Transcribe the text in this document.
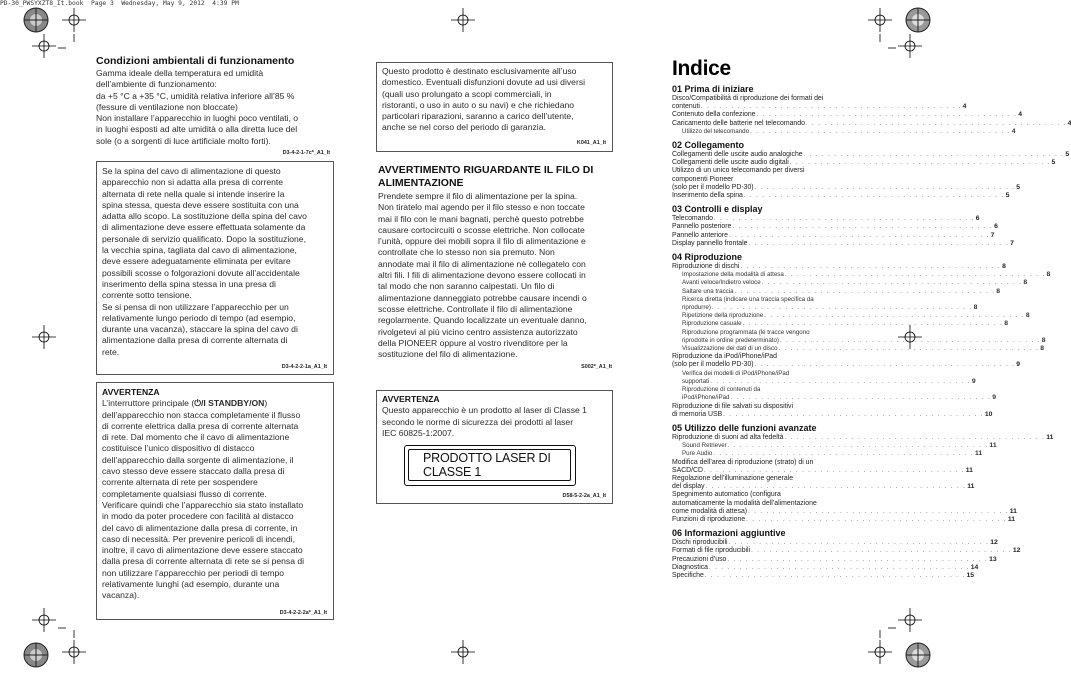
PD-30_PWSYXZT8_It.book  Page 3  Wednesday, May 9, 2012  4:39 PM
Condizioni ambientali di funzionamento
Gamma ideale della temperatura ed umidità
dell’ambiente di funzionamento:
da +5 °C a +35 °C, umidità relativa inferiore all’85 %
(fessure di ventilazione non bloccate)
Non installare l’apparecchio in luoghi poco ventilati, o
in luoghi esposti ad alte umidità o alla diretta luce del
sole (o a sorgenti di luce artificiale molto forti).
D3-4-2-1-7c*_A1_It
Se la spina del cavo di alimentazione di questo
apparecchio non si adatta alla presa di corrente
alternata di rete nella quale si intende inserire la
spina stessa, questa deve essere sostituita con una
adatta allo scopo. La sostituzione della spina del cavo
di alimentazione deve essere effettuata solamente da
personale di servizio qualificato. Dopo la sostituzione,
la vecchia spina, tagliata dal cavo di alimentazione,
deve essere adeguatamente eliminata per evitare
possibili scosse o folgorazioni dovute all’accidentale
inserimento della spina stessa in una presa di
corrente sotto tensione.
Se si pensa di non utilizzare l’apparecchio per un
relativamente lungo periodo di tempo (ad esempio,
durante una vacanza), staccare la spina del cavo di
alimentazione dalla presa di corrente alternata di
rete.
D3-4-2-2-1a_A1_It
AVVERTENZA
L’interruttore principale (⏻/I STANDBY/ON)
dell’apparecchio non stacca completamente il flusso
di corrente elettrica dalla presa di corrente alternata
di rete. Dal momento che il cavo di alimentazione
costituisce l’unico dispositivo di distacco
dell’apparecchio dalla sorgente di alimentazione, il
cavo stesso deve essere staccato dalla presa di
corrente alternata di rete per sospendere
completamente qualsiasi flusso di corrente.
Verificare quindi che l’apparecchio sia stato installato
in modo da poter procedere con facilità al distacco
del cavo di alimentazione dalla presa di corrente, in
caso di necessità. Per prevenire pericoli di incendi,
inoltre, il cavo di alimentazione deve essere staccato
dalla presa di corrente alternata di rete se si pensa di
non utilizzare l’apparecchio per periodi di tempo
relativamente lunghi (ad esempio, durante una
vacanza).
D3-4-2-2-2a*_A1_It
Questo prodotto è destinato esclusivamente all’uso
domestico. Eventuali disfunzioni dovute ad usi diversi
(quali uso prolungato a scopi commerciali, in
ristoranti, o uso in auto o su navi) e che richiedano
particolari riparazioni, saranno a carico dell’utente,
anche se nel corso del periodo di garanzia.
K041_A1_It
AVVERTIMENTO RIGUARDANTE IL FILO DI
ALIMENTAZIONE
Prendete sempre il filo di alimentazione per la spina.
Non tiratelo mai agendo per il filo stesso e non toccate
mai il filo con le mani bagnati, perchè questo potrebbe
causare cortocircuiti o scosse elettriche. Non collocate
l’unità, oppure dei mobili sopra il filo di alimentazione e
controllate che lo stesso non sia premuto. Non
annodate mai il filo di alimentazione nè collegatelo con
altri fili. I fili di alimentazione devono essere collocati in
tal modo che non saranno calpestati. Un filo di
alimentazione danneggiato potrebbe causare incendi o
scosse elettriche. Controllate il filo di alimentazione
regolarmente. Quando localizzate un eventuale danno,
rivolgetevi al più vicino centro assistenza autorizzato
della PIONEER oppure al vostro rivenditore per la
sostituzione del filo di alimentazione.
S002*_A1_It
AVVERTENZA
Questo apparecchio è un prodotto al laser di Classe 1
secondo le norme di sicurezza dei prodotti al laser
IEC 60825-1:2007.
PRODOTTO LASER DI CLASSE 1
D58-5-2-2a_A1_It
Indice
01 Prima di iniziare
Disco/Compatibilità di riproduzione dei formati dei
contenuti . . . . . . . . . . . . . . . . . . . . . . . . . . . . . . . . . . . . . . . . . . . 4
Contenuto della confezione . . . . . . . . . . . . . . . . . . . . . . . . . . . . . . . . . . . . . . . . . . . 4
Caricamento delle batterie nel telecomando . . . . . . . . . . . . . . . . . . . . . . . . . . . . . . . . . . . . . . . . . . . 4
Utilizzo del telecomando . . . . . . . . . . . . . . . . . . . . . . . . . . . . . . . . . . . . . . . . . . . 4
02 Collegamento
Collegamenti delle uscite audio analogiche . . . . . . . . . . . . . . . . . . . . . . . . . . . . . . . . . . . . . . . . . . . 5
Collegamenti delle uscite audio digitali . . . . . . . . . . . . . . . . . . . . . . . . . . . . . . . . . . . . . . . . . . . 5
Utilizzo di un unico telecomando per diversi
componenti Pioneer
(solo per il modello PD-30) . . . . . . . . . . . . . . . . . . . . . . . . . . . . . . . . . . . . . . . . . . . 5
Inserimento della spina . . . . . . . . . . . . . . . . . . . . . . . . . . . . . . . . . . . . . . . . . . . 5
03 Controlli e display
Telecomando . . . . . . . . . . . . . . . . . . . . . . . . . . . . . . . . . . . . . . . . . . . 6
Pannello posteriore . . . . . . . . . . . . . . . . . . . . . . . . . . . . . . . . . . . . . . . . . . . 6
Pannello anteriore . . . . . . . . . . . . . . . . . . . . . . . . . . . . . . . . . . . . . . . . . . . 7
Display pannello frontale . . . . . . . . . . . . . . . . . . . . . . . . . . . . . . . . . . . . . . . . . . . 7
04 Riproduzione
Riproduzione di dischi . . . . . . . . . . . . . . . . . . . . . . . . . . . . . . . . . . . . . . . . . . . 8
Impostazione della modalità di attesa . . . . . . . . . . . . . . . . . . . . . . . . . . . . . . . . . . . . . . . . . . . 8
Avanti veloce/Indietro veloce . . . . . . . . . . . . . . . . . . . . . . . . . . . . . . . . . . . . . . . . . . . 8
Saltare una traccia . . . . . . . . . . . . . . . . . . . . . . . . . . . . . . . . . . . . . . . . . . . 8
Ricerca diretta (indicare una traccia specifica da
riprodurre) . . . . . . . . . . . . . . . . . . . . . . . . . . . . . . . . . . . . . . . . . . . 8
Ripetizione della riproduzione . . . . . . . . . . . . . . . . . . . . . . . . . . . . . . . . . . . . . . . . . . . 8
Riproduzione casuale . . . . . . . . . . . . . . . . . . . . . . . . . . . . . . . . . . . . . . . . . . . 8
Riproduzione programmata (le tracce vengono
riprodotte in ordine predeterminato) . . . . . . . . . . . . . . . . . . . . . . . . . . . . . . . . . . . . . . . . . . . 8
Visualizzazione dei dati di un disco . . . . . . . . . . . . . . . . . . . . . . . . . . . . . . . . . . . . . . . . . . . 8
Riproduzione da iPod/iPhone/iPad
(solo per il modello PD-30) . . . . . . . . . . . . . . . . . . . . . . . . . . . . . . . . . . . . . . . . . . . 9
Verifica dei modelli di iPod/iPhone/iPad
supportati . . . . . . . . . . . . . . . . . . . . . . . . . . . . . . . . . . . . . . . . . . . 9
Riproduzione di contenuti da
iPod/iPhone/iPad . . . . . . . . . . . . . . . . . . . . . . . . . . . . . . . . . . . . . . . . . . . 9
Riproduzione di file salvati su dispositivi
di memoria USB . . . . . . . . . . . . . . . . . . . . . . . . . . . . . . . . . . . . . . . . . . . 10
05 Utilizzo delle funzioni avanzate
Riproduzione di suoni ad alta fedeltà . . . . . . . . . . . . . . . . . . . . . . . . . . . . . . . . . . . . . . . . . . . 11
Sound Retriever . . . . . . . . . . . . . . . . . . . . . . . . . . . . . . . . . . . . . . . . . . . 11
Pure Audio . . . . . . . . . . . . . . . . . . . . . . . . . . . . . . . . . . . . . . . . . . . 11
Modifica dell’area di riproduzione (strato) di un
SACD/CD . . . . . . . . . . . . . . . . . . . . . . . . . . . . . . . . . . . . . . . . . . . 11
Regolazione dell’illuminazione generale
del display . . . . . . . . . . . . . . . . . . . . . . . . . . . . . . . . . . . . . . . . . . . 11
Spegnimento automatico (configura
automaticamente la modalità dell’alimentazione
come modalità di attesa) . . . . . . . . . . . . . . . . . . . . . . . . . . . . . . . . . . . . . . . . . . . 11
Funzioni di riproduzione . . . . . . . . . . . . . . . . . . . . . . . . . . . . . . . . . . . . . . . . . . . 11
06 Informazioni aggiuntive
Dischi riproducibili . . . . . . . . . . . . . . . . . . . . . . . . . . . . . . . . . . . . . . . . . . . 12
Formati di file riproducibili . . . . . . . . . . . . . . . . . . . . . . . . . . . . . . . . . . . . . . . . . . . 12
Precauzioni d’uso . . . . . . . . . . . . . . . . . . . . . . . . . . . . . . . . . . . . . . . . . . . 13
Diagnostica . . . . . . . . . . . . . . . . . . . . . . . . . . . . . . . . . . . . . . . . . . . 14
Specifiche . . . . . . . . . . . . . . . . . . . . . . . . . . . . . . . . . . . . . . . . . . . 15
